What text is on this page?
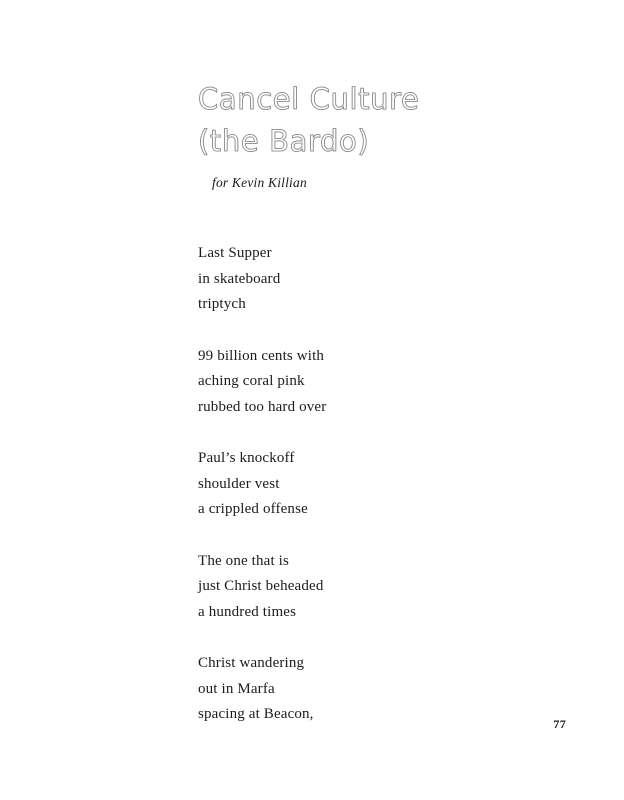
Cancel Culture
(the Bardo)
for Kevin Killian
Last Supper
in skateboard
triptych
99 billion cents with
aching coral pink
rubbed too hard over
Paul’s knockoff
shoulder vest
a crippled offense
The one that is
just Christ beheaded
a hundred times
Christ wandering
out in Marfa
spacing at Beacon,
77
